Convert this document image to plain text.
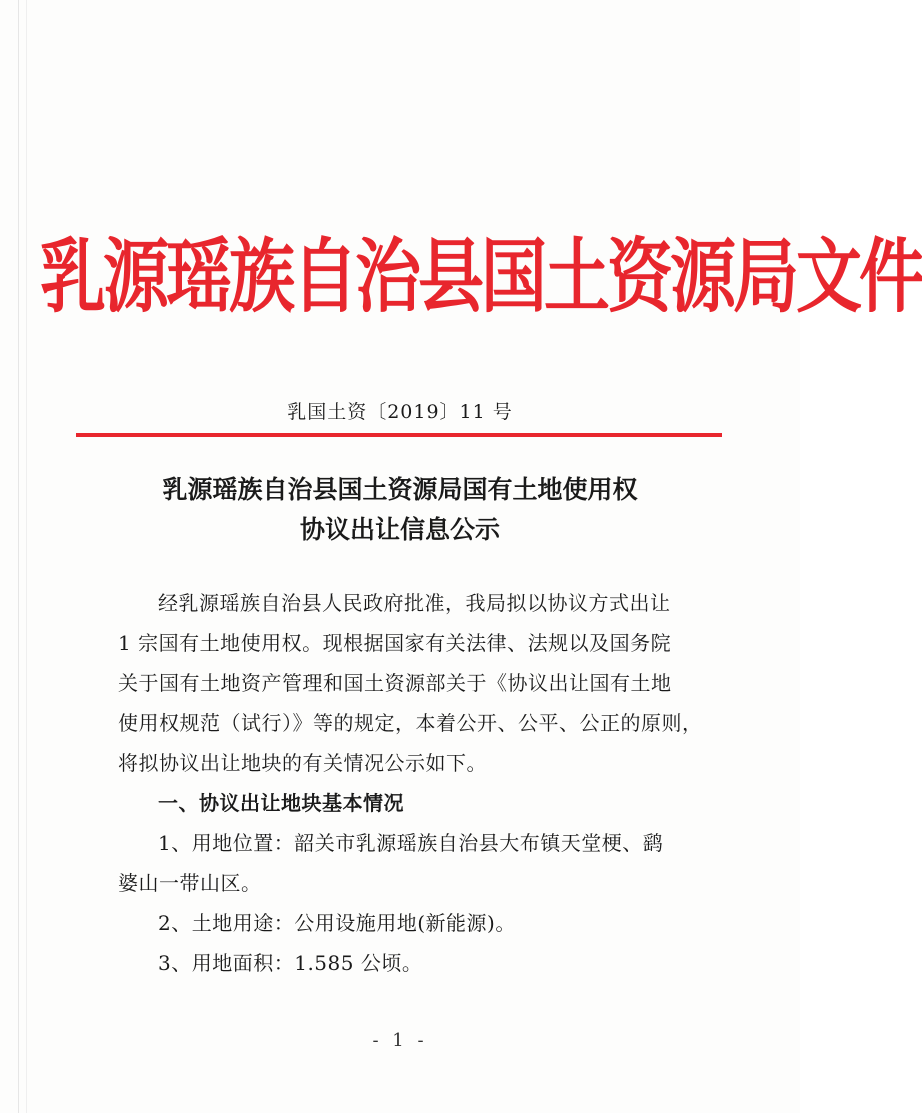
乳源瑶族自治县国土资源局文件
乳国土资〔2019〕11 号
乳源瑶族自治县国土资源局国有土地使用权
协议出让信息公示

经乳源瑶族自治县人民政府批准，我局拟以协议方式出让

1 宗国有土地使用权。现根据国家有关法律、法规以及国务院

关于国有土地资产管理和国土资源部关于《协议出让国有土地

使用权规范（试行）》等的规定，本着公开、公平、公正的原则，

将拟协议出让地块的有关情况公示如下。

一、协议出让地块基本情况

1、用地位置：韶关市乳源瑶族自治县大布镇天堂梗、鹞

婆山一带山区。

2、土地用途：公用设施用地(新能源)。

3、用地面积：1.585 公顷。

- 1 -
